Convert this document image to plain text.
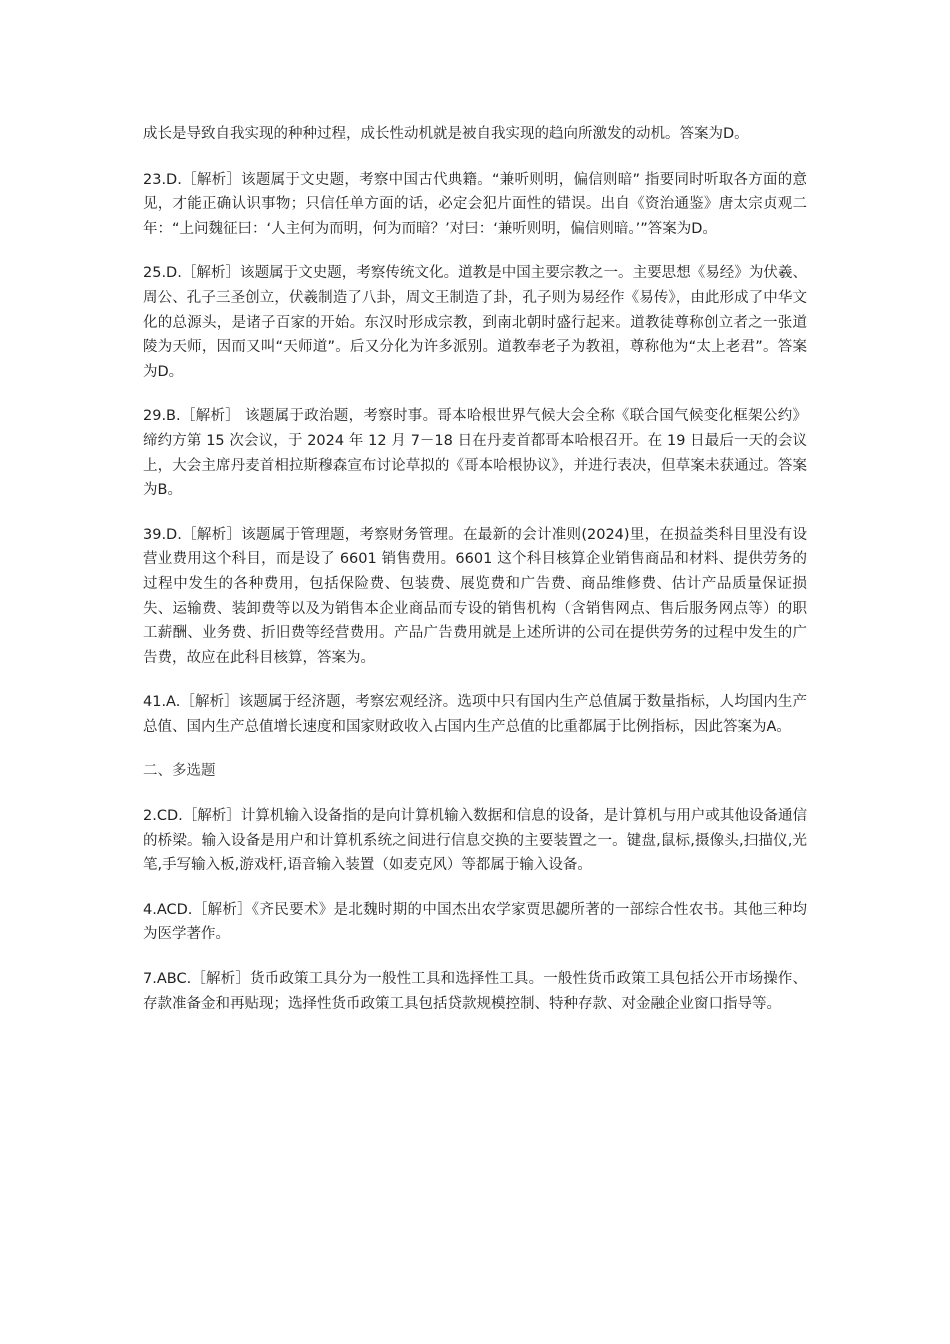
成长是导致自我实现的种种过程，成长性动机就是被自我实现的趋向所激发的动机。答案为D。

23.D.［解析］该题属于文史题，考察中国古代典籍。“兼听则明，偏信则暗” 指要同时听取各方面的意见，才能正确认识事物；只信任单方面的话，必定会犯片面性的错误。出自《资治通鉴》唐太宗贞观二年：“上问魏征曰：‘人主何为而明，何为而暗？’对曰：‘兼听则明，偏信则暗。’”答案为D。

25.D.［解析］该题属于文史题，考察传统文化。道教是中国主要宗教之一。主要思想《易经》为伏羲、周公、孔子三圣创立，伏羲制造了八卦，周文王制造了卦，孔子则为易经作《易传》，由此形成了中华文化的总源头，是诸子百家的开始。东汉时形成宗教，到南北朝时盛行起来。道教徒尊称创立者之一张道陵为天师，因而又叫“天师道”。后又分化为许多派别。道教奉老子为教祖，尊称他为“太上老君”。答案为D。

29.B.［解析］ 该题属于政治题，考察时事。哥本哈根世界气候大会全称《联合国气候变化框架公约》缔约方第 15 次会议，于 2024 年 12 月 7－18 日在丹麦首都哥本哈根召开。在 19 日最后一天的会议上，大会主席丹麦首相拉斯穆森宣布讨论草拟的《哥本哈根协议》，并进行表决，但草案未获通过。答案为B。

39.D.［解析］该题属于管理题，考察财务管理。在最新的会计准则(2024)里，在损益类科目里没有设营业费用这个科目，而是设了 6601 销售费用。6601 这个科目核算企业销售商品和材料、提供劳务的过程中发生的各种费用，包括保险费、包装费、展览费和广告费、商品维修费、估计产品质量保证损失、运输费、装卸费等以及为销售本企业商品而专设的销售机构（含销售网点、售后服务网点等）的职工薪酬、业务费、折旧费等经营费用。产品广告费用就是上述所讲的公司在提供劳务的过程中发生的广告费，故应在此科目核算，答案为。

41.A.［解析］该题属于经济题，考察宏观经济。选项中只有国内生产总值属于数量指标，人均国内生产总值、国内生产总值增长速度和国家财政收入占国内生产总值的比重都属于比例指标，因此答案为A。

二、多选题

2.CD.［解析］计算机输入设备指的是向计算机输入数据和信息的设备，是计算机与用户或其他设备通信的桥梁。输入设备是用户和计算机系统之间进行信息交换的主要装置之一。键盘,鼠标,摄像头,扫描仪,光笔,手写输入板,游戏杆,语音输入装置（如麦克风）等都属于输入设备。

4.ACD.［解析］《齐民要术》是北魏时期的中国杰出农学家贾思勰所著的一部综合性农书。其他三种均为医学著作。

7.ABC.［解析］货币政策工具分为一般性工具和选择性工具。一般性货币政策工具包括公开市场操作、存款准备金和再贴现；选择性货币政策工具包括贷款规模控制、特种存款、对金融企业窗口指导等。
